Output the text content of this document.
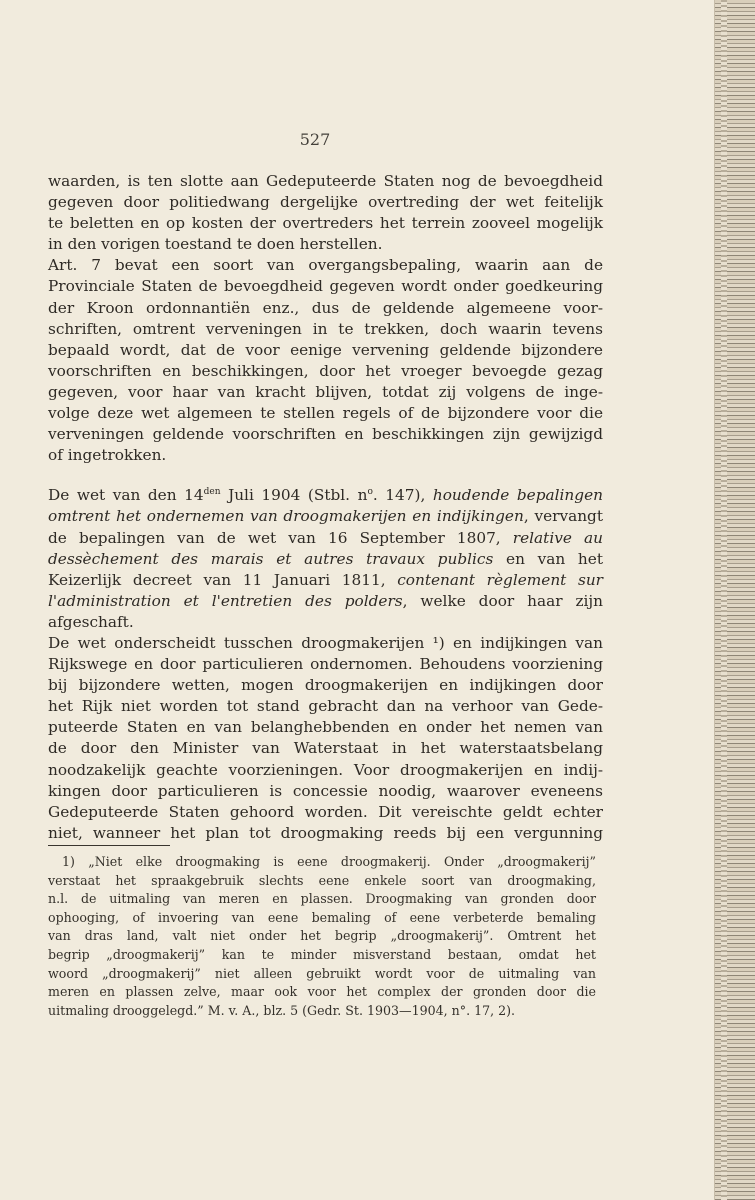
527

waarden, is ten slotte aan Gedeputeerde Staten nog de bevoegdheid

gegeven door politiedwang dergelijke overtreding der wet feitelijk

te beletten en op kosten der overtreders het terrein zooveel mogelijk

in den vorigen toestand te doen herstellen.

Art. 7 bevat een soort van overgangsbepaling, waarin aan de

Provinciale Staten de bevoegdheid gegeven wordt onder goedkeuring

der Kroon ordonnantiën enz., dus de geldende algemeene voor-

schriften, omtrent verveningen in te trekken, doch waarin tevens

bepaald wordt, dat de voor eenige vervening geldende bijzondere

voorschriften en beschikkingen, door het vroeger bevoegde gezag

gegeven, voor haar van kracht blijven, totdat zij volgens de inge-

volge deze wet algemeen te stellen regels of de bijzondere voor die

verveningen geldende voorschriften en beschikkingen zijn gewijzigd

of ingetrokken.

De wet van den $14^{den}$ Juli 1904 (Stbl. $n^o$. 147), houdende bepalingen omtrent het ondernemen van droogmakerijen en indijkingen, vervangt de bepalingen van de wet van 16 September 1807, relative au dessèchement des marais et autres travaux publics en van het Keizerlijk decreet van 11 Januari 1811, contenant règlement sur l'administration et l'entretien des polders, welke door haar zijn afgeschaft.

De wet onderscheidt tusschen droogmakerijen ¹) en indijkingen van

Rijkswege en door particulieren ondernomen. Behoudens voorziening

bij bijzondere wetten, mogen droogmakerijen en indijkingen door

het Rijk niet worden tot stand gebracht dan na verhoor van Gede-

puteerde Staten en van belanghebbenden en onder het nemen van

de door den Minister van Waterstaat in het waterstaatsbelang

noodzakelijk geachte voorzieningen. Voor droogmakerijen en indij-

kingen door particulieren is concessie noodig, waarover eveneens

Gedeputeerde Staten gehoord worden. Dit vereischte geldt echter

niet, wanneer het plan tot droogmaking reeds bij een vergunning

1) „Niet elke droogmaking is eene droogmakerij. Onder „droogmakerij”

verstaat het spraakgebruik slechts eene enkele soort van droogmaking,

n.l. de uitmaling van meren en plassen. Droogmaking van gronden door

ophooging, of invoering van eene bemaling of eene verbeterde bemaling

van dras land, valt niet onder het begrip „droogmakerij”. Omtrent het

begrip „droogmakerij” kan te minder misverstand bestaan, omdat het

woord „droogmakerij” niet alleen gebruikt wordt voor de uitmaling van

meren en plassen zelve, maar ook voor het complex der gronden door die

uitmaling drooggelegd.” M. v. A., blz. 5 (Gedr. St. 1903—1904, n°. 17, 2).
